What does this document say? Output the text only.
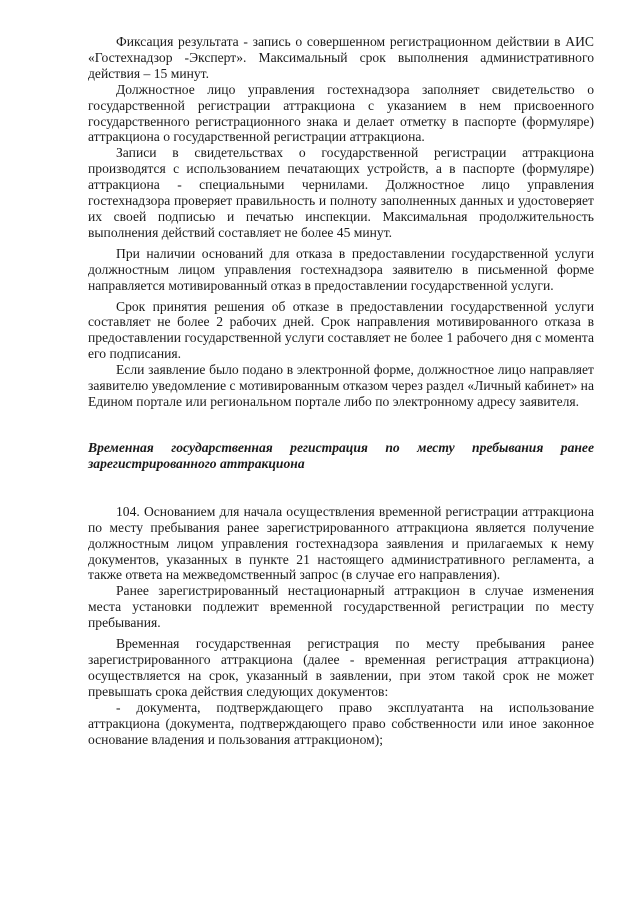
Фиксация результата - запись о совершенном регистрационном действии в АИС «Гостехнадзор -Эксперт». Максимальный срок выполнения административного действия – 15 минут.

Должностное лицо управления гостехнадзора заполняет свидетельство о государственной регистрации аттракциона с указанием в нем присвоенного государственного регистрационного знака и делает отметку в паспорте (формуляре) аттракциона о государственной регистрации аттракциона.

Записи в свидетельствах о государственной регистрации аттракциона производятся с использованием печатающих устройств, а в паспорте (формуляре) аттракциона - специальными чернилами. Должностное лицо управления гостехнадзора проверяет правильность и полноту заполненных данных и удостоверяет их своей подписью и печатью инспекции. Максимальная продолжительность выполнения действий составляет не более 45 минут.

При наличии оснований для отказа в предоставлении государственной услуги должностным лицом управления гостехнадзора заявителю в письменной форме направляется мотивированный отказ в предоставлении государственной услуги.

Срок принятия решения об отказе в предоставлении государственной услуги составляет не более 2 рабочих дней. Срок направления мотивированного отказа в предоставлении государственной услуги составляет не более 1 рабочего дня с момента его подписания.

Если заявление было подано в электронной форме, должностное лицо направляет заявителю уведомление с мотивированным отказом через раздел «Личный кабинет» на Едином портале или региональном портале либо по электронному адресу заявителя.

Временная государственная регистрация по месту пребывания ранее зарегистрированного аттракциона

104. Основанием для начала осуществления временной регистрации аттракциона по месту пребывания ранее зарегистрированного аттракциона является получение должностным лицом управления гостехнадзора заявления и прилагаемых к нему документов, указанных в пункте 21 настоящего административного регламента, а также ответа на межведомственный запрос (в случае его направления).

Ранее зарегистрированный нестационарный аттракцион в случае изменения места установки подлежит временной государственной регистрации по месту пребывания.

Временная государственная регистрация по месту пребывания ранее зарегистрированного аттракциона (далее - временная регистрация аттракциона) осуществляется на срок, указанный в заявлении, при этом такой срок не может превышать срока действия следующих документов:

- документа, подтверждающего право эксплуатанта на использование аттракциона (документа, подтверждающего право собственности или иное законное основание владения и пользования аттракционом);
